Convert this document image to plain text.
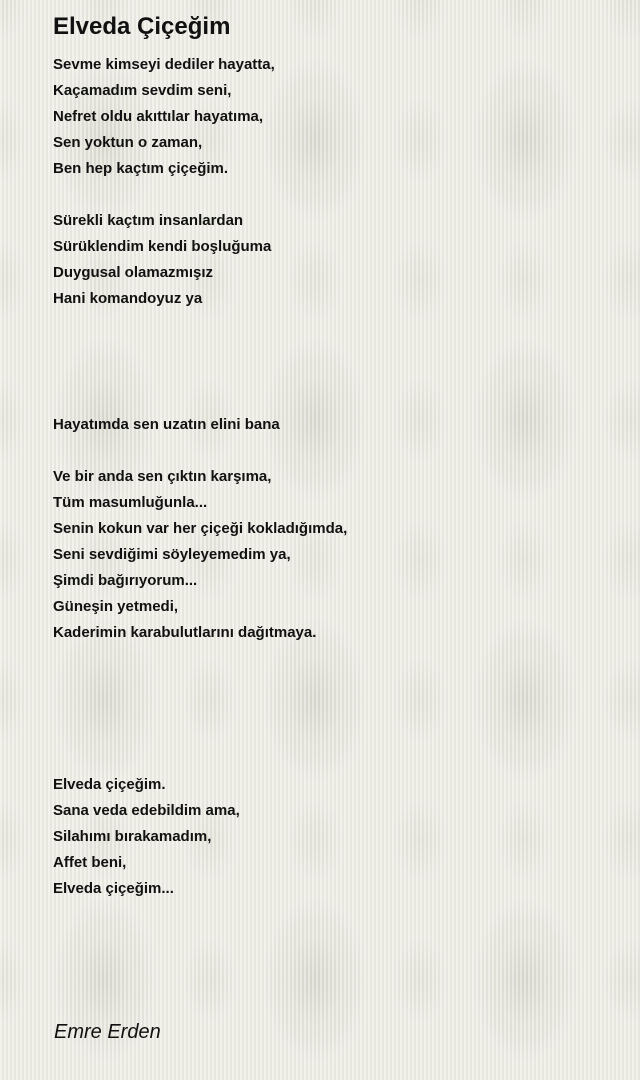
Elveda Çiçeğim
Sevme kimseyi dediler hayatta,
Kaçamadım sevdim seni,
Nefret oldu akıttılar hayatıma,
Sen yoktun o zaman,
Ben hep kaçtım çiçeğim.
Sürekli kaçtım insanlardan
Sürüklendim kendi boşluğuma
Duygusal olamazmışız
Hani komandoyuz ya
Hayatımda sen uzatın elini bana
Ve bir anda sen çıktın karşıma,
Tüm masumluğunla...
Senin kokun var her çiçeği kokladığımda,
Seni sevdiğimi söyleyemedim ya,
Şimdi bağırıyorum...
Güneşin yetmedi,
Kaderimin karabulutlarını dağıtmaya.
Elveda çiçeğim.
Sana veda edebildim ama,
Silahımı bırakamadım,
Affet beni,
Elveda çiçeğim...
Emre Erden
